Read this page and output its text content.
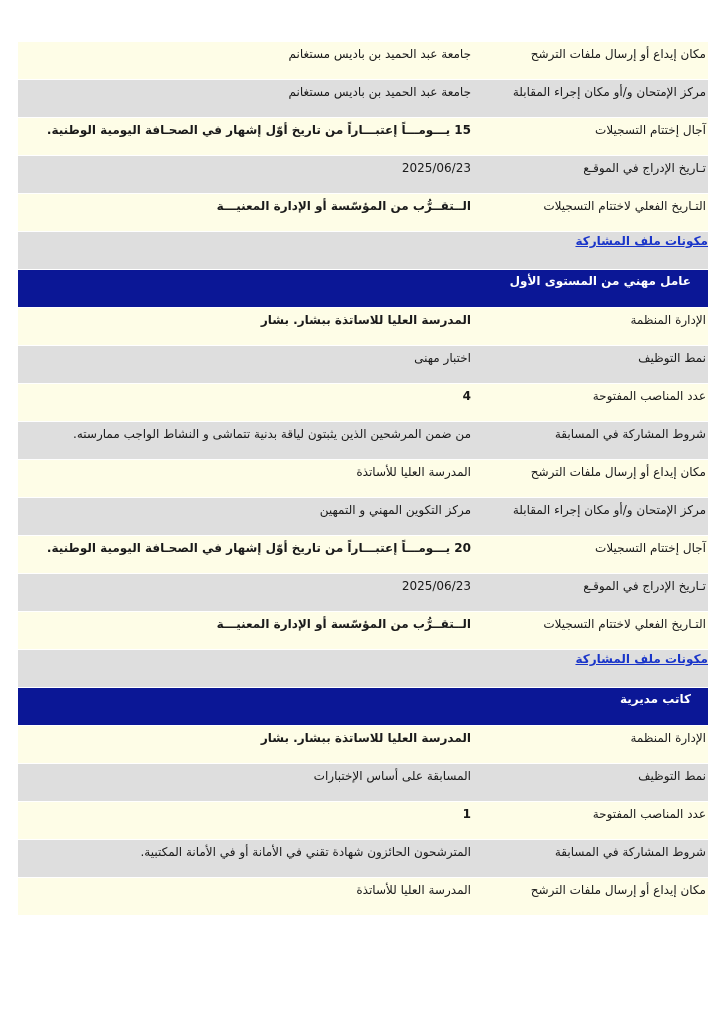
مكان إيداع أو إرسال ملفات الترشح
جامعة عبد الحميد بن باديس مستغانم
مركز الإمتحان و/أو مكان إجراء المقابلة
جامعة عبد الحميد بن باديس مستغانم
آجال إختتام التسجيلات
15 يـــومـــاً إعتبـــاراً من تاريخ أوّل إشهار في الصحـافة اليومية الوطنية.
تـاريخ الإدراج في الموقـع
2025/06/23
التـاريخ الفعلي لاختتام التسجيلات
الــتقــرُّب من المؤسّسة أو الإدارة المعنيـــة
مكونات ملف المشاركة
عامل مهني من المستوى الأول
الإدارة المنظمة
المدرسة العليا للاساتذة ببشار. بشار
نمط التوظيف
اختبار مهنى
عدد المناصب المفتوحة
4
شروط المشاركة في المسابقة
من ضمن المرشحين الذين يثبتون لياقة بدنية تتماشى و النشاط الواجب ممارسته.
مكان إيداع أو إرسال ملفات الترشح
المدرسة العليا للأساتذة
مركز الإمتحان و/أو مكان إجراء المقابلة
مركز التكوين المهني و التمهين
آجال إختتام التسجيلات
20 يـــومـــاً إعتبـــاراً من تاريخ أوّل إشهار في الصحـافة اليومية الوطنية.
تـاريخ الإدراج في الموقـع
2025/06/23
التـاريخ الفعلي لاختتام التسجيلات
الــتقــرُّب من المؤسّسة أو الإدارة المعنيـــة
مكونات ملف المشاركة
كاتب مديرية
الإدارة المنظمة
المدرسة العليا للاساتذة ببشار. بشار
نمط التوظيف
المسابقة على أساس الإختبارات
عدد المناصب المفتوحة
1
شروط المشاركة في المسابقة
المترشحون الحائزون شهادة تقني في الأمانة أو في الأمانة المكتبية.
مكان إيداع أو إرسال ملفات الترشح
المدرسة العليا للأساتذة
